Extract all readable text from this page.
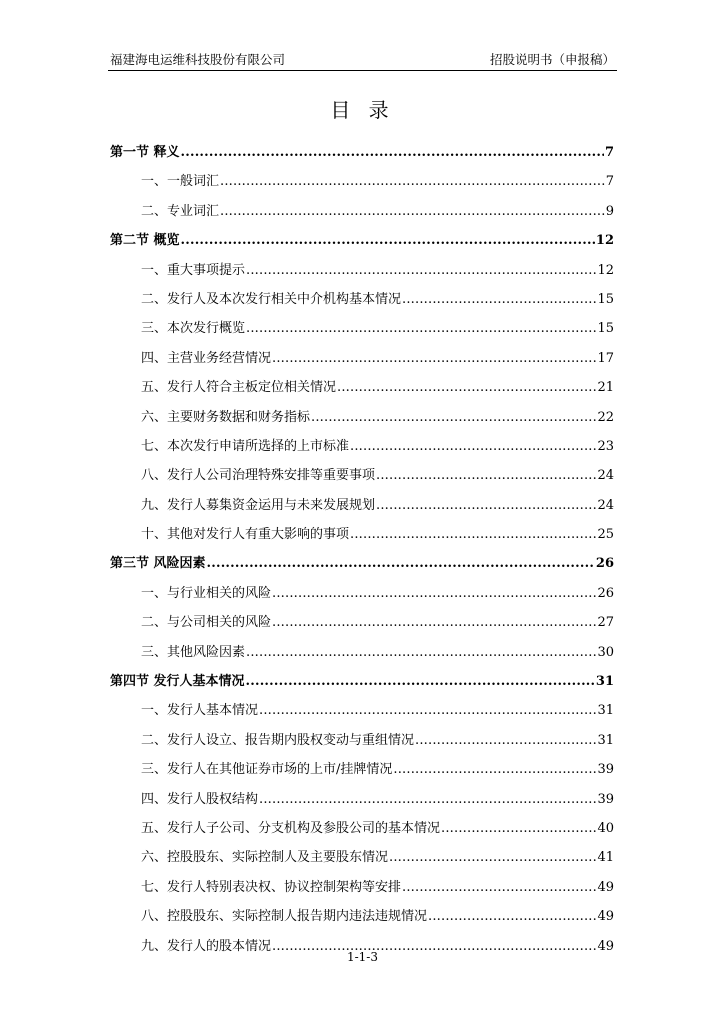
福建海电运维科技股份有限公司	招股说明书（申报稿）
目 录
第一节 释义 .....	7
一、一般词汇 .....	7
二、专业词汇 .....	9
第二节 概览 .....	12
一、重大事项提示 .....	12
二、发行人及本次发行相关中介机构基本情况 .....	15
三、本次发行概览 .....	15
四、主营业务经营情况 .....	17
五、发行人符合主板定位相关情况 .....	21
六、主要财务数据和财务指标 .....	22
七、本次发行申请所选择的上市标准 .....	23
八、发行人公司治理特殊安排等重要事项 .....	24
九、发行人募集资金运用与未来发展规划 .....	24
十、其他对发行人有重大影响的事项 .....	25
第三节 风险因素 .....	26
一、与行业相关的风险 .....	26
二、与公司相关的风险 .....	27
三、其他风险因素 .....	30
第四节 发行人基本情况 .....	31
一、发行人基本情况 .....	31
二、发行人设立、报告期内股权变动与重组情况 .....	31
三、发行人在其他证券市场的上市/挂牌情况 .....	39
四、发行人股权结构 .....	39
五、发行人子公司、分支机构及参股公司的基本情况 .....	40
六、控股股东、实际控制人及主要股东情况 .....	41
七、发行人特别表决权、协议控制架构等安排 .....	49
八、控股股东、实际控制人报告期内违法违规情况 .....	49
九、发行人的股本情况 .....	49
1-1-3
